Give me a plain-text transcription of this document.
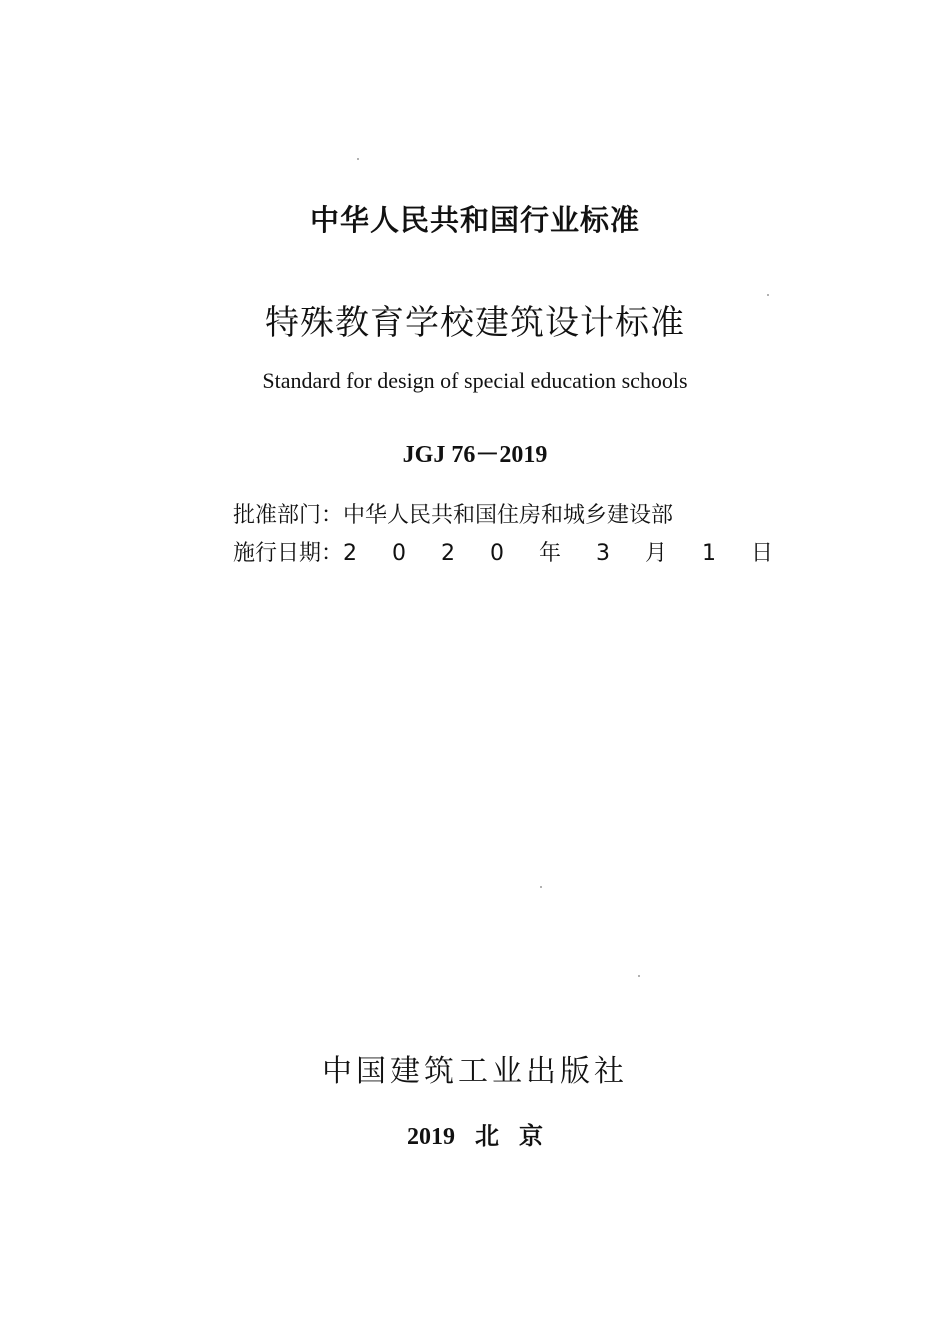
中华人民共和国行业标准
特殊教育学校建筑设计标准
Standard for design of special education schools
JGJ 76－2019
批准部门：中华人民共和国住房和城乡建设部
施行日期：2 0 2 0 年 3 月 1 日
中国建筑工业出版社
2019 北 京
